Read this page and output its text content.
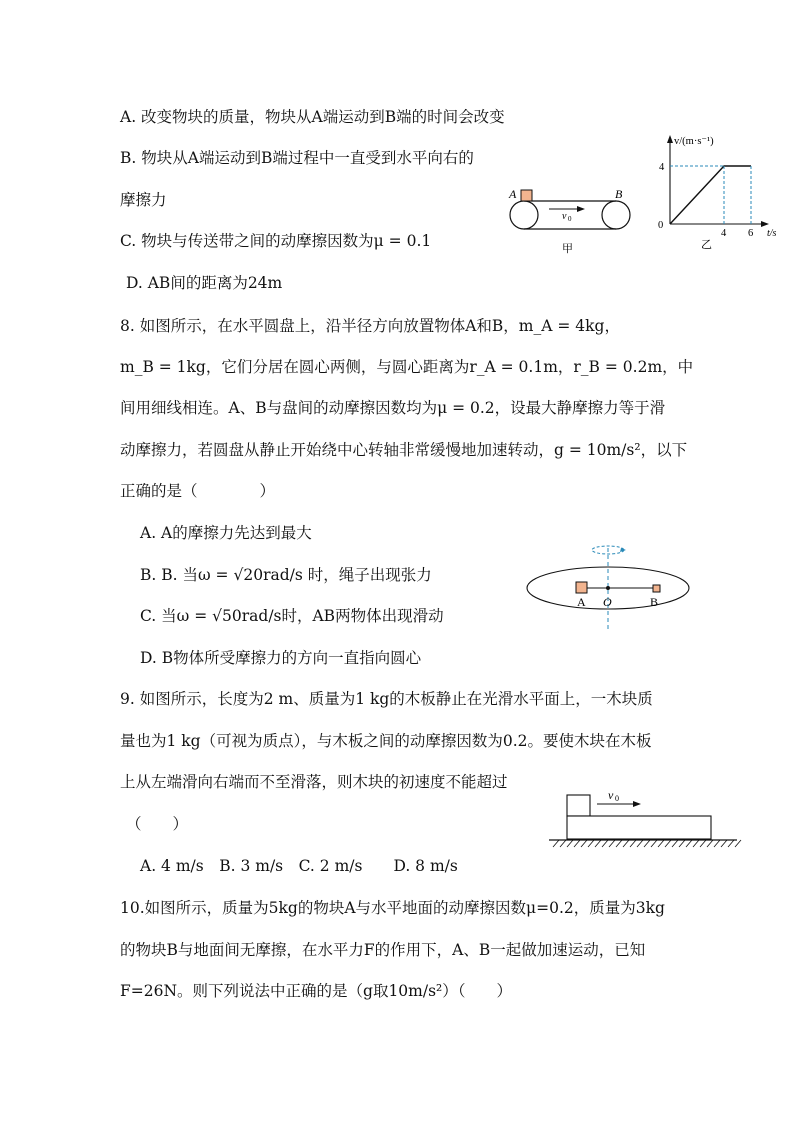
A. 改变物块的质量，物块从A端运动到B端的时间会改变
B. 物块从A端运动到B端过程中一直受到水平向右的
摩擦力
C. 物块与传送带之间的动摩擦因数为μ = 0.1
D. AB间的距离为24m
A	B
v 0
甲
v/(m·s⁻¹)
t/s
0
4
4 6
乙
8. 如图所示，在水平圆盘上，沿半径方向放置物体A和B，m_A = 4kg，
m_B = 1kg，它们分居在圆心两侧，与圆心距离为r_A = 0.1m，r_B = 0.2m，中
间用细线相连。A、B与盘间的动摩擦因数均为μ = 0.2，设最大静摩擦力等于滑
动摩擦力，若圆盘从静止开始绕中心转轴非常缓慢地加速转动，g = 10m/s²，以下
正确的是（　　　　）
A. A的摩擦力先达到最大
B. B. 当ω = √20rad/s 时，绳子出现张力
C. 当ω = √50rad/s时，AB两物体出现滑动
D. B物体所受摩擦力的方向一直指向圆心
A O	B
9. 如图所示，长度为2 m、质量为1 kg的木板静止在光滑水平面上，一木块质
量也为1 kg（可视为质点），与木板之间的动摩擦因数为0.2。要使木块在木板
上从左端滑向右端而不至滑落，则木块的初速度不能超过
（　　）
A. 4 m/s　B. 3 m/s　C. 2 m/s　　D. 8 m/s
v 0
10.如图所示，质量为5kg的物块A与水平地面的动摩擦因数μ=0.2，质量为3kg
的物块B与地面间无摩擦，在水平力F的作用下，A、B一起做加速运动，已知
F=26N。则下列说法中正确的是（g取10m/s²）（　　）
